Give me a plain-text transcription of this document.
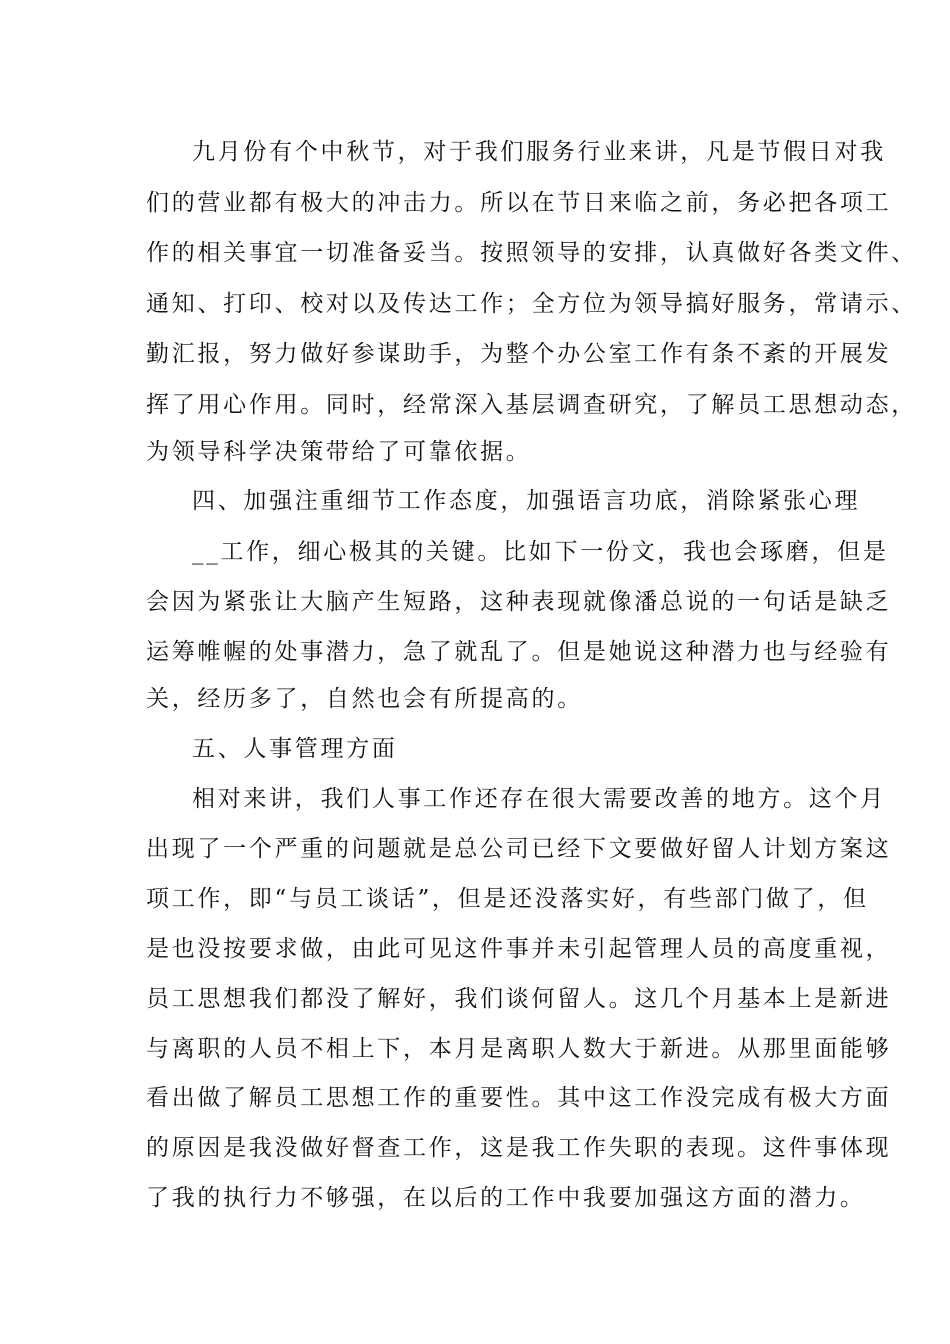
九月份有个中秋节，对于我们服务行业来讲，凡是节假日对我

们的营业都有极大的冲击力。所以在节日来临之前，务必把各项工

作的相关事宜一切准备妥当。按照领导的安排，认真做好各类文件、

通知、打印、校对以及传达工作；全方位为领导搞好服务，常请示、

勤汇报，努力做好参谋助手，为整个办公室工作有条不紊的开展发

挥了用心作用。同时，经常深入基层调查研究，了解员工思想动态，

为领导科学决策带给了可靠依据。

四、加强注重细节工作态度，加强语言功底，消除紧张心理

__工作，细心极其的关键。比如下一份文，我也会琢磨，但是

会因为紧张让大脑产生短路，这种表现就像潘总说的一句话是缺乏

运筹帷幄的处事潜力，急了就乱了。但是她说这种潜力也与经验有

关，经历多了，自然也会有所提高的。

五、人事管理方面

相对来讲，我们人事工作还存在很大需要改善的地方。这个月

出现了一个严重的问题就是总公司已经下文要做好留人计划方案这

项工作，即“与员工谈话”，但是还没落实好，有些部门做了，但

是也没按要求做，由此可见这件事并未引起管理人员的高度重视，

员工思想我们都没了解好，我们谈何留人。这几个月基本上是新进

与离职的人员不相上下，本月是离职人数大于新进。从那里面能够

看出做了解员工思想工作的重要性。其中这工作没完成有极大方面

的原因是我没做好督查工作，这是我工作失职的表现。这件事体现

了我的执行力不够强，在以后的工作中我要加强这方面的潜力。
